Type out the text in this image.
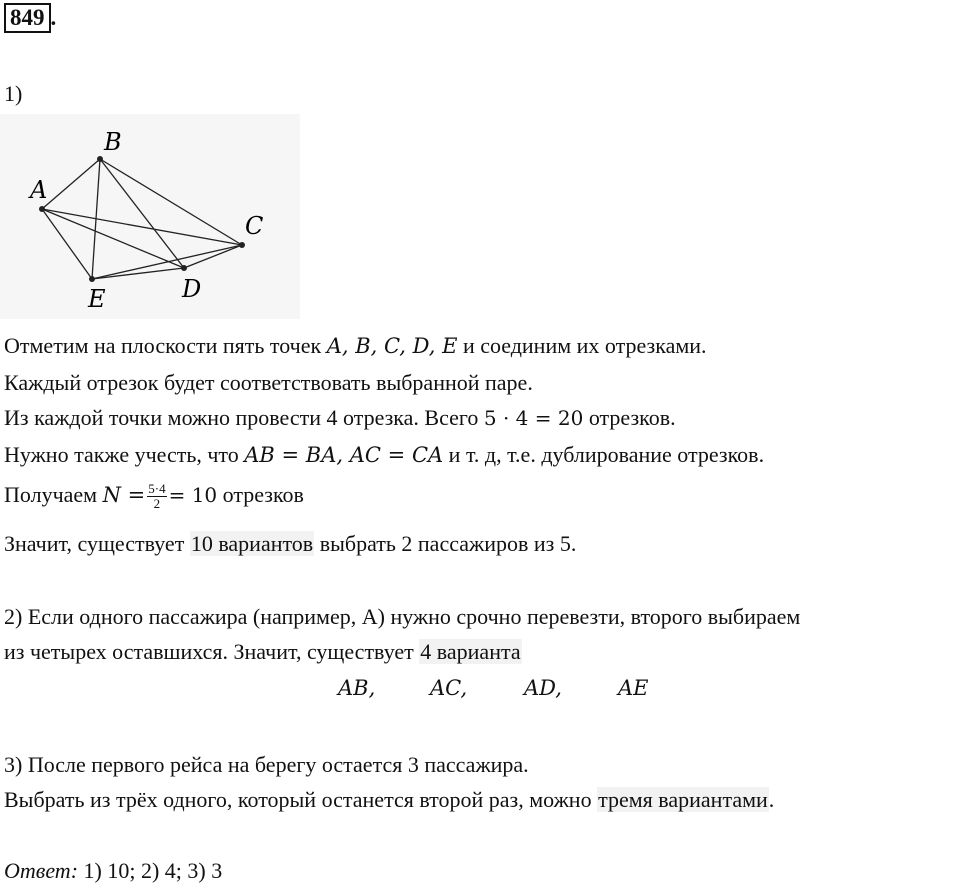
849 .
1)
A
B
C
D
E
Отметим на плоскости пять точек A, B, C, D, E и соединим их отрезками.
Каждый отрезок будет соответствовать выбранной паре.
Из каждой точки можно провести 4 отрезка. Всего 5 · 4 = 20 отрезков.
Нужно также учесть, что AB = BA, AC = CA и т. д, т.е. дублирование отрезков.
Получаем $N = \frac{5\cdot 4}{2} = 10$ отрезков
Значит, существует 10 вариантов выбрать 2 пассажиров из 5.
2) Если одного пассажира (например, А) нужно срочно перевезти, второго выбираем
из четырех оставшихся. Значит, существует 4 варианта
AB,	AC,	AD,	AE
3) После первого рейса на берегу остается 3 пассажира.
Выбрать из трёх одного, который останется второй раз, можно тремя вариантами.
Ответ: 1) 10; 2) 4; 3) 3
